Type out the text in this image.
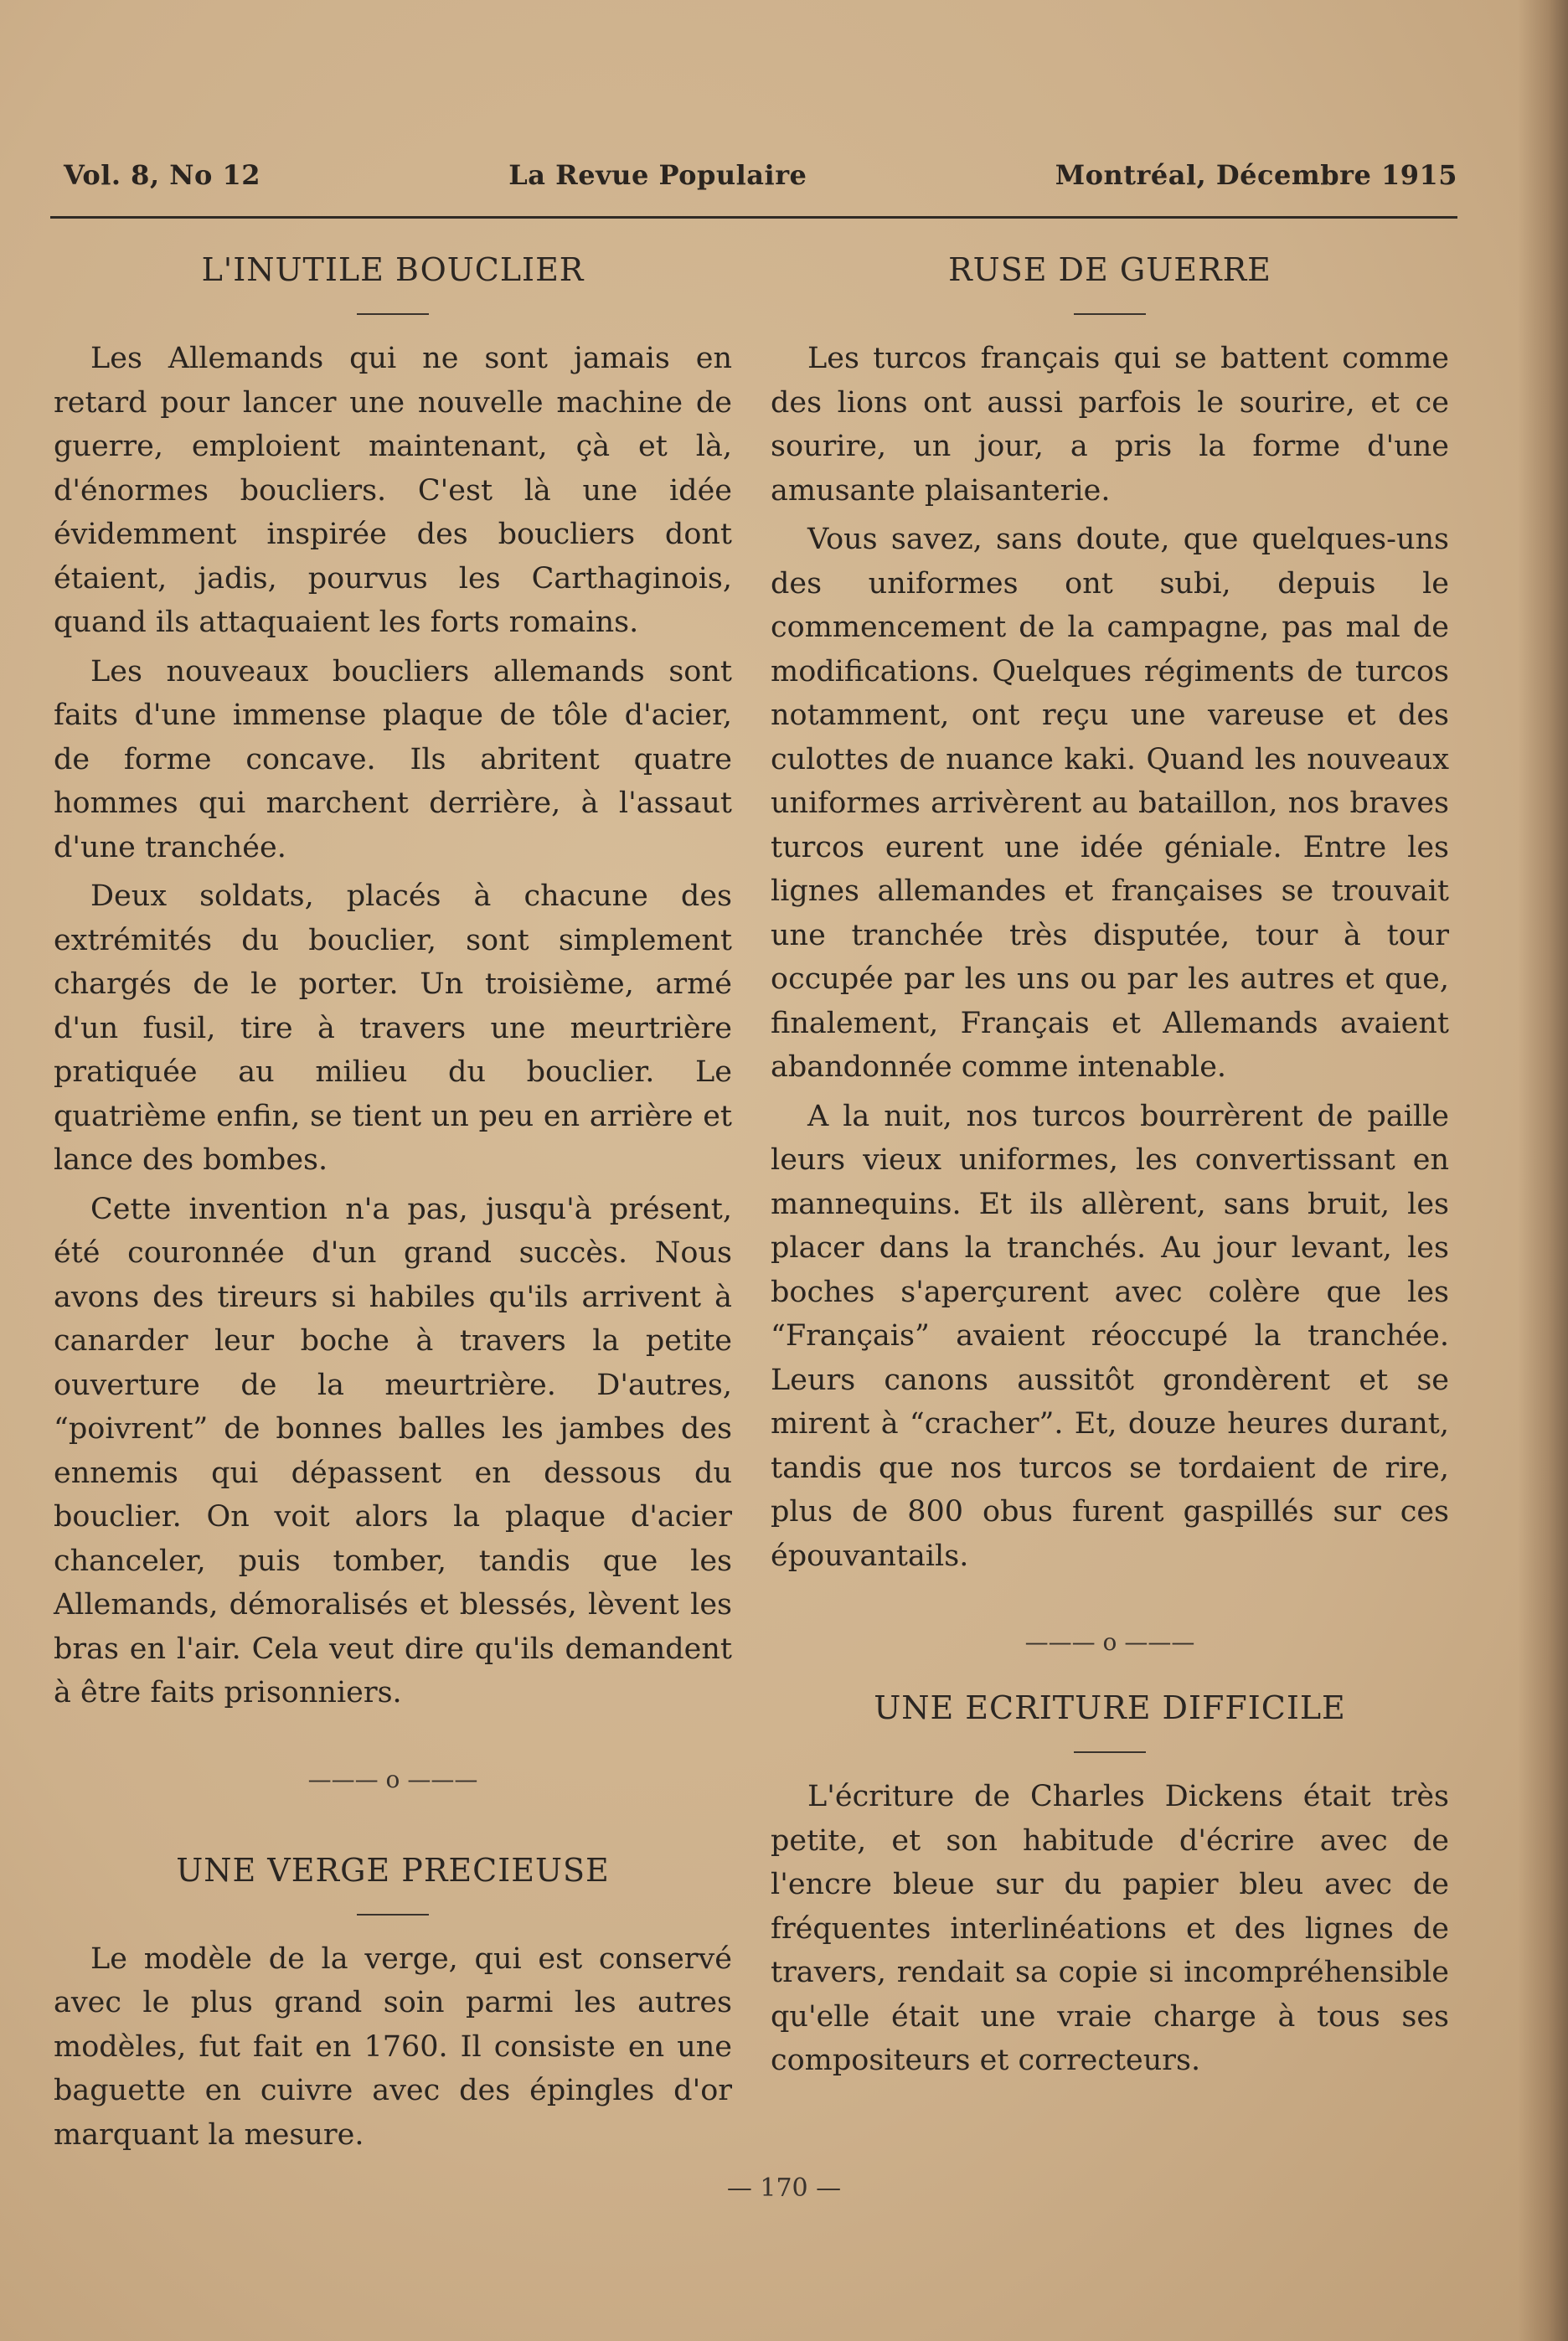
Vol. 8, No 12	La Revue Populaire	Montréal, Décembre 1915
L'INUTILE BOUCLIER

Les Allemands qui ne sont jamais en retard pour lancer une nouvelle machine de guerre, emploient maintenant, çà et là, d'énormes boucliers. C'est là une idée évidemment inspirée des boucliers dont étaient, jadis, pourvus les Carthaginois, quand ils attaquaient les forts romains.

Les nouveaux boucliers allemands sont faits d'une immense plaque de tôle d'acier, de forme concave. Ils abritent quatre hommes qui marchent derrière, à l'assaut d'une tranchée.

Deux soldats, placés à chacune des extrémités du bouclier, sont simplement chargés de le porter. Un troisième, armé d'un fusil, tire à travers une meurtrière pratiquée au milieu du bouclier. Le quatrième enfin, se tient un peu en arrière et lance des bombes.

Cette invention n'a pas, jusqu'à présent, été couronnée d'un grand succès. Nous avons des tireurs si habiles qu'ils arrivent à canarder leur boche à travers la petite ouverture de la meurtrière. D'autres, “poivrent” de bonnes balles les jambes des ennemis qui dépassent en dessous du bouclier. On voit alors la plaque d'acier chanceler, puis tomber, tandis que les Allemands, démoralisés et blessés, lèvent les bras en l'air. Cela veut dire qu'ils demandent à être faits prisonniers.

——— o ———
UNE VERGE PRECIEUSE

Le modèle de la verge, qui est conservé avec le plus grand soin parmi les autres modèles, fut fait en 1760. Il consiste en une baguette en cuivre avec des épingles d'or marquant la mesure.

RUSE DE GUERRE

Les turcos français qui se battent comme des lions ont aussi parfois le sourire, et ce sourire, un jour, a pris la forme d'une amusante plaisanterie.

Vous savez, sans doute, que quelques-uns des uniformes ont subi, depuis le commencement de la campagne, pas mal de modifications. Quelques régiments de turcos notamment, ont reçu une vareuse et des culottes de nuance kaki. Quand les nouveaux uniformes arrivèrent au bataillon, nos braves turcos eurent une idée géniale. Entre les lignes allemandes et françaises se trouvait une tranchée très disputée, tour à tour occupée par les uns ou par les autres et que, finalement, Français et Allemands avaient abandonnée comme intenable.

A la nuit, nos turcos bourrèrent de paille leurs vieux uniformes, les convertissant en mannequins. Et ils allèrent, sans bruit, les placer dans la tranchés. Au jour levant, les boches s'aperçurent avec colère que les “Français” avaient réoccupé la tranchée. Leurs canons aussitôt grondèrent et se mirent à “cracher”. Et, douze heures durant, tandis que nos turcos se tordaient de rire, plus de 800 obus furent gaspillés sur ces épouvantails.

——— o ———
UNE ECRITURE DIFFICILE

L'écriture de Charles Dickens était très petite, et son habitude d'écrire avec de l'encre bleue sur du papier bleu avec de fréquentes interlinéations et des lignes de travers, rendait sa copie si incompréhensible qu'elle était une vraie charge à tous ses compositeurs et correcteurs.

— 170 —
